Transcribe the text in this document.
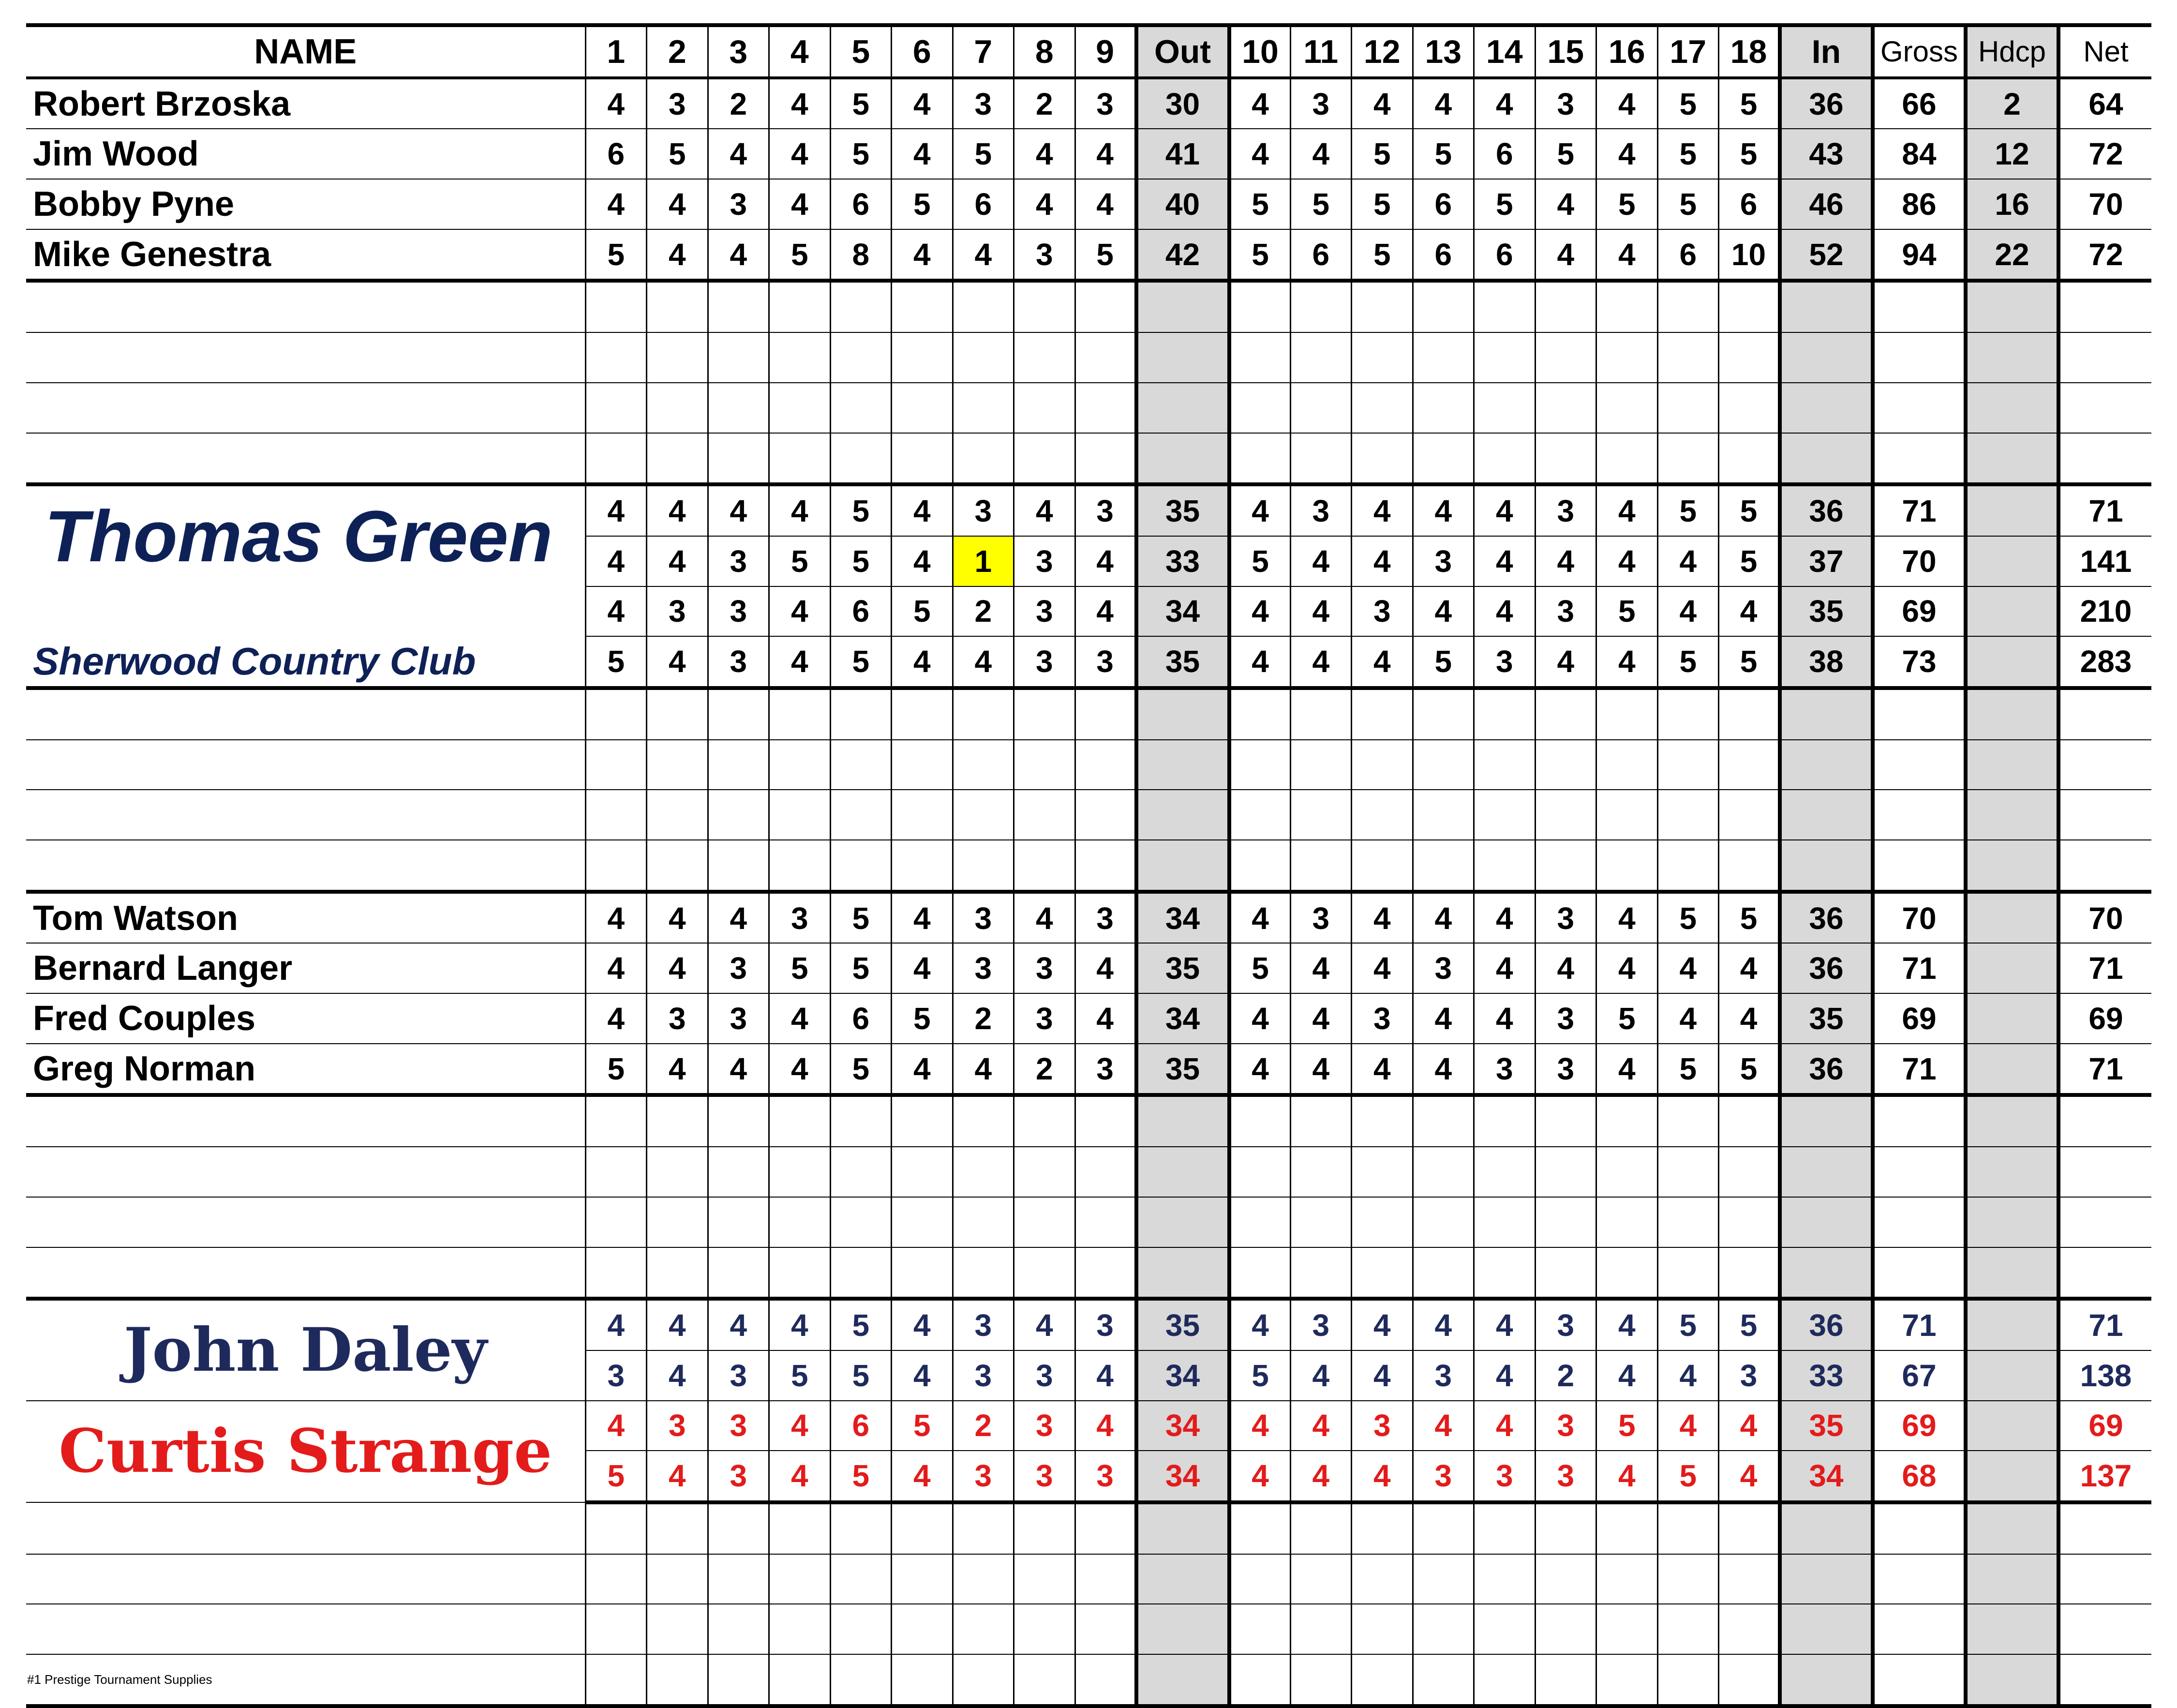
NAME	1	2	3	4	5	6	7	8	9	Out	10	11	12	13	14	15	16	17	18	In	Gross	Hdcp	Net
Robert Brzoska	4	3	2	4	5	4	3	2	3	30	4	3	4	4	4	3	4	5	5	36	66	2	64
Jim Wood	6	5	4	4	5	4	5	4	4	41	4	4	5	5	6	5	4	5	5	43	84	12	72
Bobby Pyne	4	4	3	4	6	5	6	4	4	40	5	5	5	6	5	4	5	5	6	46	86	16	70
Mike Genestra	5	4	4	5	8	4	4	3	5	42	5	6	5	6	6	4	4	6	10	52	94	22	72

Thomas Green	4	4	4	4	5	4	3	4	3	35	4	3	4	4	4	3	4	5	5	36	71		71
	4	4	3	5	5	4	1	3	4	33	5	4	4	3	4	4	4	4	5	37	70		141
	4	3	3	4	6	5	2	3	4	34	4	4	3	4	4	3	5	4	4	35	69		210

Sherwood Country Club	5	4	3	4	5	4	4	3	3	35	4	4	4	5	3	4	4	5	5	38	73		283

Tom Watson	4	4	4	3	5	4	3	4	3	34	4	3	4	4	4	3	4	5	5	36	70		70
Bernard Langer	4	4	3	5	5	4	3	3	4	35	5	4	4	3	4	4	4	4	4	36	71		71
Fred Couples	4	3	3	4	6	5	2	3	4	34	4	4	3	4	4	3	5	4	4	35	69		69
Greg Norman	5	4	4	4	5	4	4	2	3	35	4	4	4	4	3	3	4	5	5	36	71		71

John Daley	4	4	4	4	5	4	3	4	3	35	4	3	4	4	4	3	4	5	5	36	71		71
	3	4	3	5	5	4	3	3	4	34	5	4	4	3	4	2	4	4	3	33	67		138

Curtis Strange	4	3	3	4	6	5	2	3	4	34	4	4	3	4	4	3	5	4	4	35	69		69
	5	4	3	4	5	4	3	3	3	34	4	4	4	3	3	3	4	5	4	34	68		137

#1 Prestige Tournament Supplies
